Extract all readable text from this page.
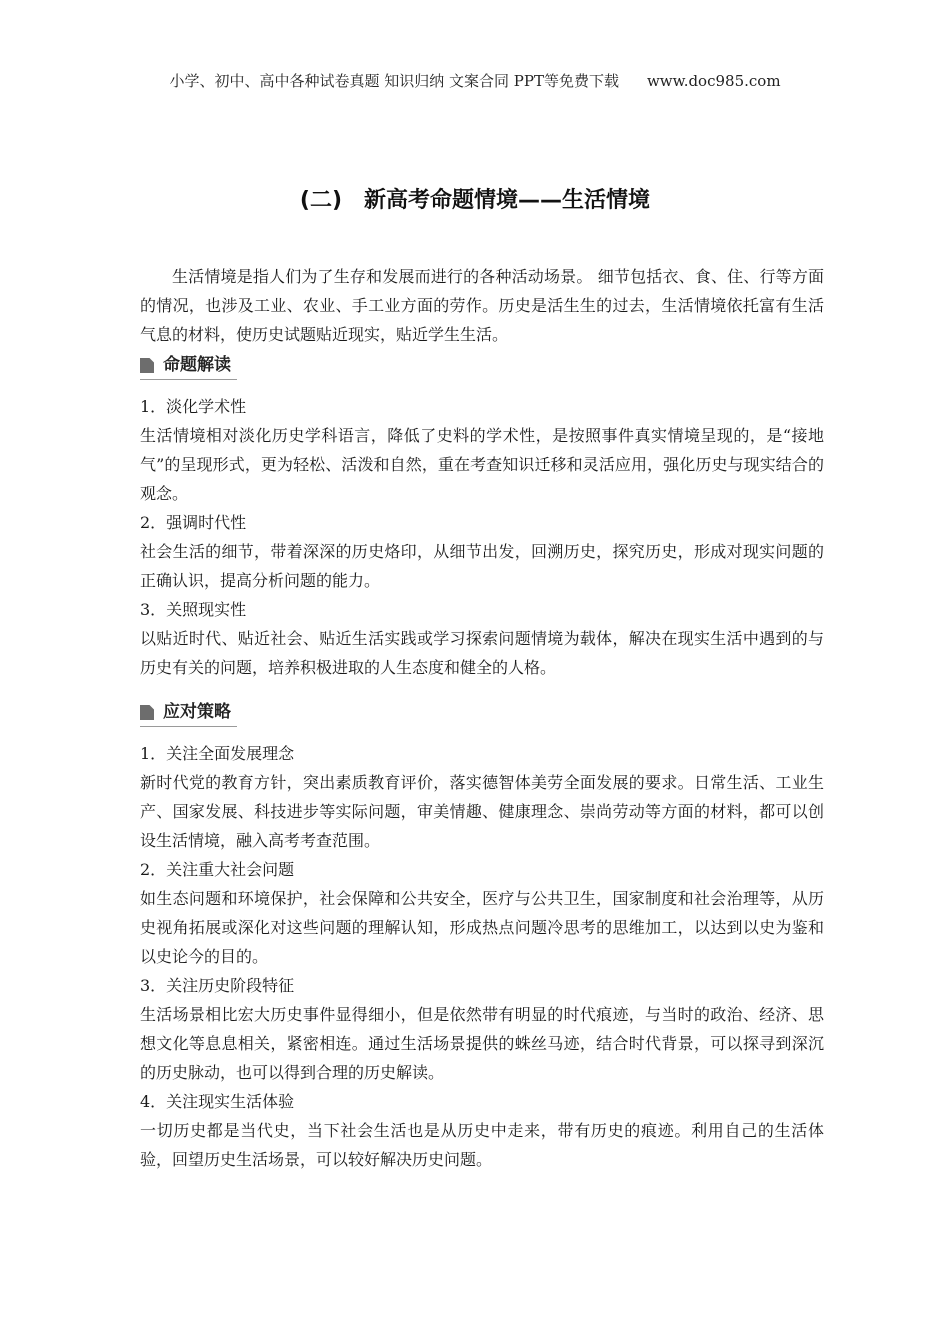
小学、初中、高中各种试卷真题 知识归纳 文案合同 PPT等免费下载 www.doc985.com
(二) 新高考命题情境——生活情境

生活情境是指人们为了生存和发展而进行的各种活动场景。 细节包括衣、食、住、行等方面的情况，也涉及工业、农业、手工业方面的劳作。历史是活生生的过去，生活情境依托富有生活气息的材料，使历史试题贴近现实，贴近学生生活。

命题解读

1．淡化学术性

生活情境相对淡化历史学科语言，降低了史料的学术性，是按照事件真实情境呈现的，是“接地气”的呈现形式，更为轻松、活泼和自然，重在考查知识迁移和灵活应用，强化历史与现实结合的观念。

2．强调时代性

社会生活的细节，带着深深的历史烙印，从细节出发，回溯历史，探究历史，形成对现实问题的正确认识，提高分析问题的能力。

3．关照现实性

以贴近时代、贴近社会、贴近生活实践或学习探索问题情境为载体，解决在现实生活中遇到的与历史有关的问题，培养积极进取的人生态度和健全的人格。

应对策略

1．关注全面发展理念

新时代党的教育方针，突出素质教育评价，落实德智体美劳全面发展的要求。日常生活、工业生产、国家发展、科技进步等实际问题，审美情趣、健康理念、崇尚劳动等方面的材料，都可以创设生活情境，融入高考考查范围。

2．关注重大社会问题

如生态问题和环境保护，社会保障和公共安全，医疗与公共卫生，国家制度和社会治理等，从历史视角拓展或深化对这些问题的理解认知，形成热点问题冷思考的思维加工，以达到以史为鉴和以史论今的目的。

3．关注历史阶段特征

生活场景相比宏大历史事件显得细小，但是依然带有明显的时代痕迹，与当时的政治、经济、思想文化等息息相关，紧密相连。通过生活场景提供的蛛丝马迹，结合时代背景，可以探寻到深沉的历史脉动，也可以得到合理的历史解读。

4．关注现实生活体验

一切历史都是当代史，当下社会生活也是从历史中走来，带有历史的痕迹。利用自己的生活体验，回望历史生活场景，可以较好解决历史问题。
